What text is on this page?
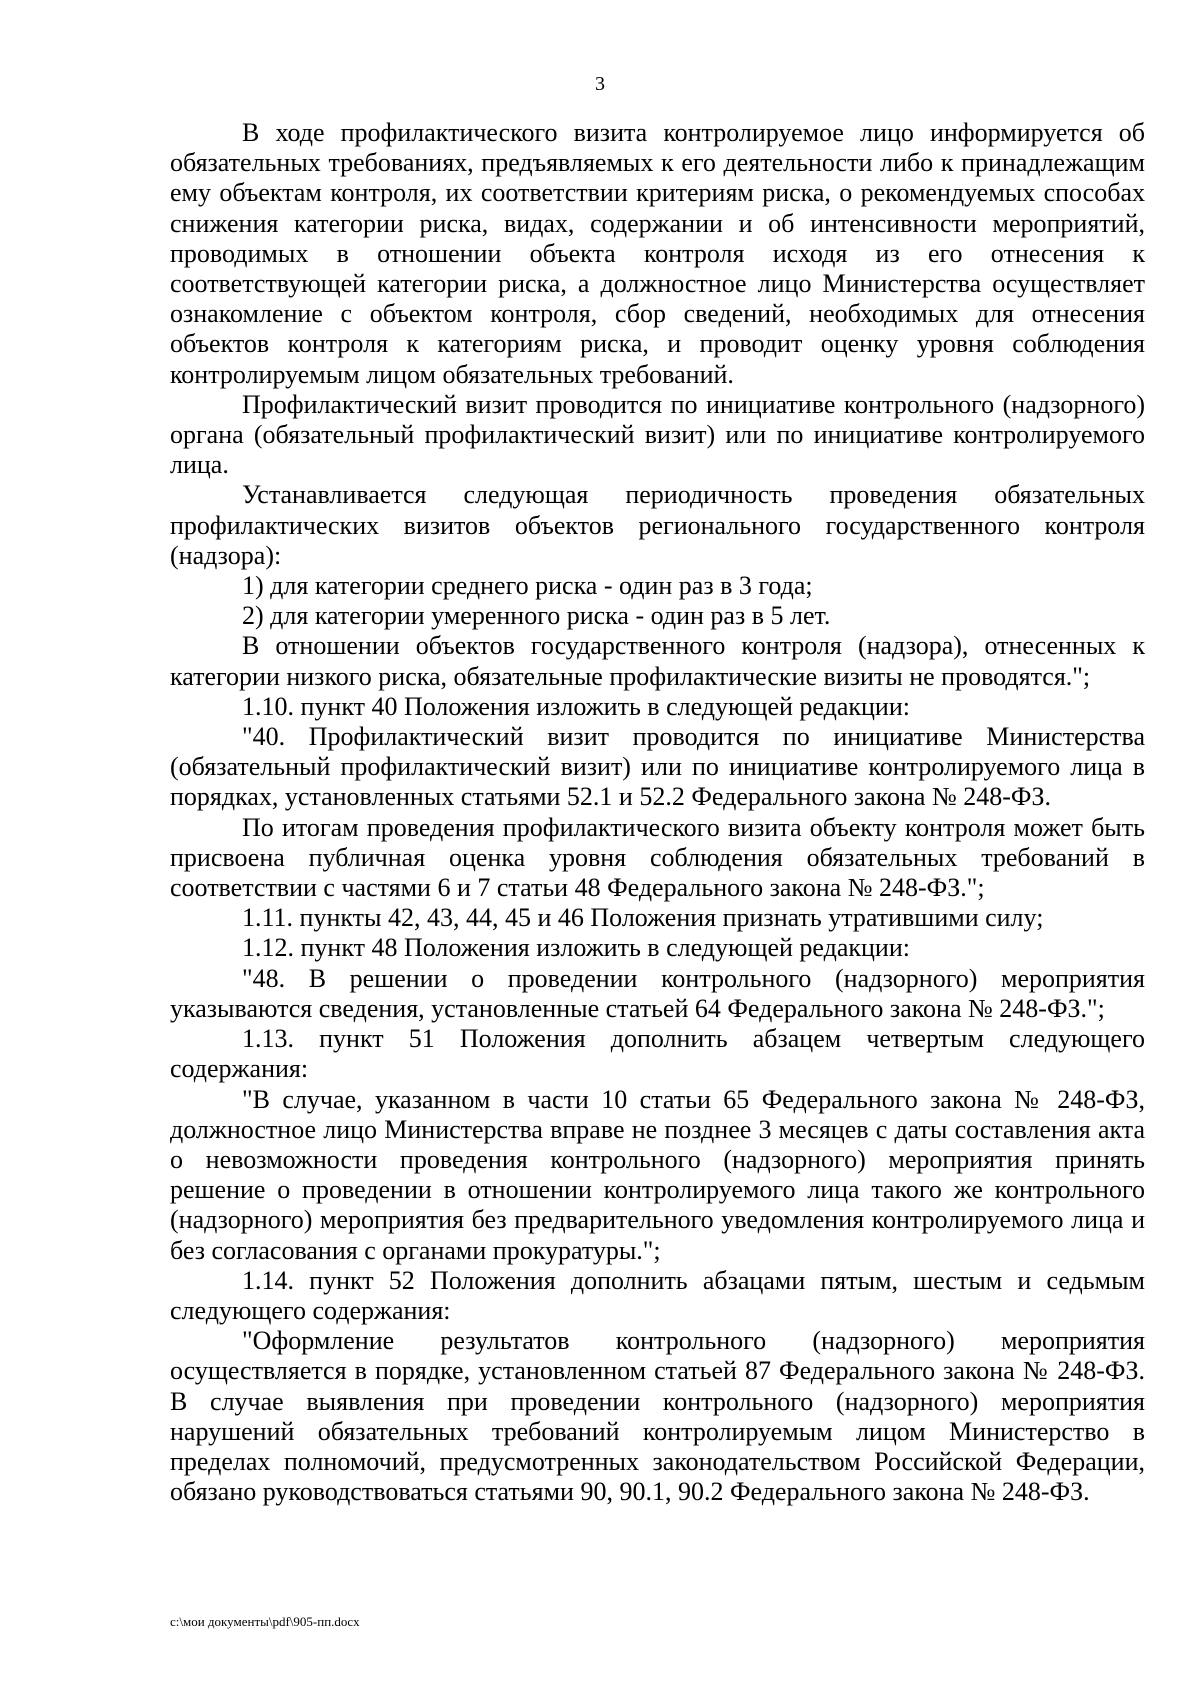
3

В ходе профилактического визита контролируемое лицо информируется об обязательных требованиях, предъявляемых к его деятельности либо к принадлежащим ему объектам контроля, их соответствии критериям риска, о рекомендуемых способах снижения категории риска, видах, содержании и об интенсивности мероприятий, проводимых в отношении объекта контроля исходя из его отнесения к соответствующей категории риска, а должностное лицо Министерства осуществляет ознакомление с объектом контроля, сбор сведений, необходимых для отнесения объектов контроля к категориям риска, и проводит оценку уровня соблюдения контролируемым лицом обязательных требований.

Профилактический визит проводится по инициативе контрольного (надзорного) органа (обязательный профилактический визит) или по инициативе контролируемого лица.

Устанавливается следующая периодичность проведения обязательных профилактических визитов объектов регионального государственного контроля (надзора):

1) для категории среднего риска - один раз в 3 года;

2) для категории умеренного риска - один раз в 5 лет.

В отношении объектов государственного контроля (надзора), отнесенных к категории низкого риска, обязательные профилактические визиты не проводятся.";

1.10. пункт 40 Положения изложить в следующей редакции:

"40. Профилактический визит проводится по инициативе Министерства (обязательный профилактический визит) или по инициативе контролируемого лица в порядках, установленных статьями 52.1 и 52.2 Федерального закона № 248-ФЗ.

По итогам проведения профилактического визита объекту контроля может быть присвоена публичная оценка уровня соблюдения обязательных требований в соответствии с частями 6 и 7 статьи 48 Федерального закона № 248-ФЗ.";

1.11. пункты 42, 43, 44, 45 и 46 Положения признать утратившими силу;

1.12. пункт 48 Положения изложить в следующей редакции:

"48. В решении о проведении контрольного (надзорного) мероприятия указываются сведения, установленные статьей 64 Федерального закона № 248-ФЗ.";

1.13. пункт 51 Положения дополнить абзацем четвертым следующего содержания:

"В случае, указанном в части 10 статьи 65 Федерального закона № 248-ФЗ, должностное лицо Министерства вправе не позднее 3 месяцев с даты составления акта о невозможности проведения контрольного (надзорного) мероприятия принять решение о проведении в отношении контролируемого лица такого же контрольного (надзорного) мероприятия без предварительного уведомления контролируемого лица и без согласования с органами прокуратуры.";

1.14. пункт 52 Положения дополнить абзацами пятым, шестым и седьмым следующего содержания:

"Оформление результатов контрольного (надзорного) мероприятия осуществляется в порядке, установленном статьей 87 Федерального закона № 248-ФЗ. В случае выявления при проведении контрольного (надзорного) мероприятия нарушений обязательных требований контролируемым лицом Министерство в пределах полномочий, предусмотренных законодательством Российской Федерации, обязано руководствоваться статьями 90, 90.1, 90.2 Федерального закона № 248-ФЗ.

c:\мои документы\pdf\905-пп.docx
